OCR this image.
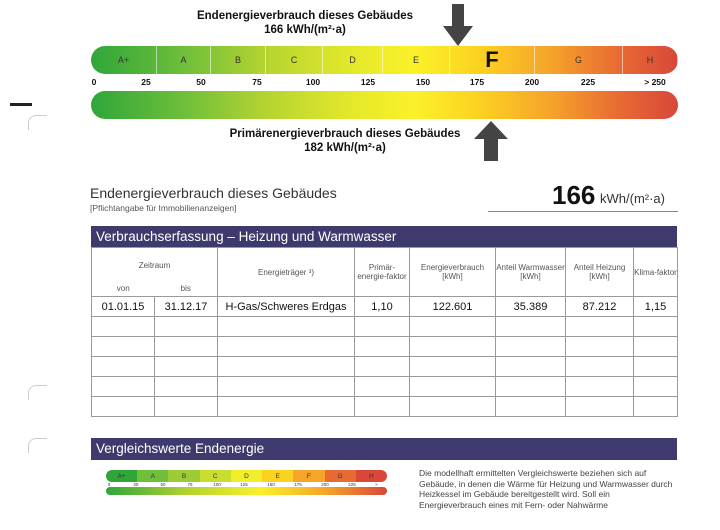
Endenergieverbrauch dieses Gebäudes
166 kWh/(m²·a)
A+	A	B	C	D	E	F	G	H
0	25	50	75	100	125	150	175	200	225	> 250
Primärenergieverbrauch dieses Gebäudes
182 kWh/(m²·a)
Endenergieverbrauch dieses Gebäudes
[Pflichtangabe für Immobilienanzeigen]	166 kWh/(m²·a)
Verbrauchserfassung – Heizung und Warmwasser
Zeitraum
von bis		Energieträger ³)	Primär-energie-faktor	Energieverbrauch [kWh]	Anteil Warmwasser [kWh]	Anteil Heizung [kWh]	Klima-faktor
01.01.15	31.12.17	H-Gas/Schweres Erdgas	1,10	122.601	35.389	87.212	1,15

Vergleichswerte Endenergie
A+	A	B	C	D	E	F	G	H
0	25	50	75	100	125	150	175	200	225	>
Die modellhaft ermittelten Vergleichswerte beziehen sich auf Gebäude, in denen die Wärme für Heizung und Warmwasser durch Heizkessel im Gebäude bereitgestellt wird. Soll ein Energieverbrauch eines mit Fern- oder Nahwärme
